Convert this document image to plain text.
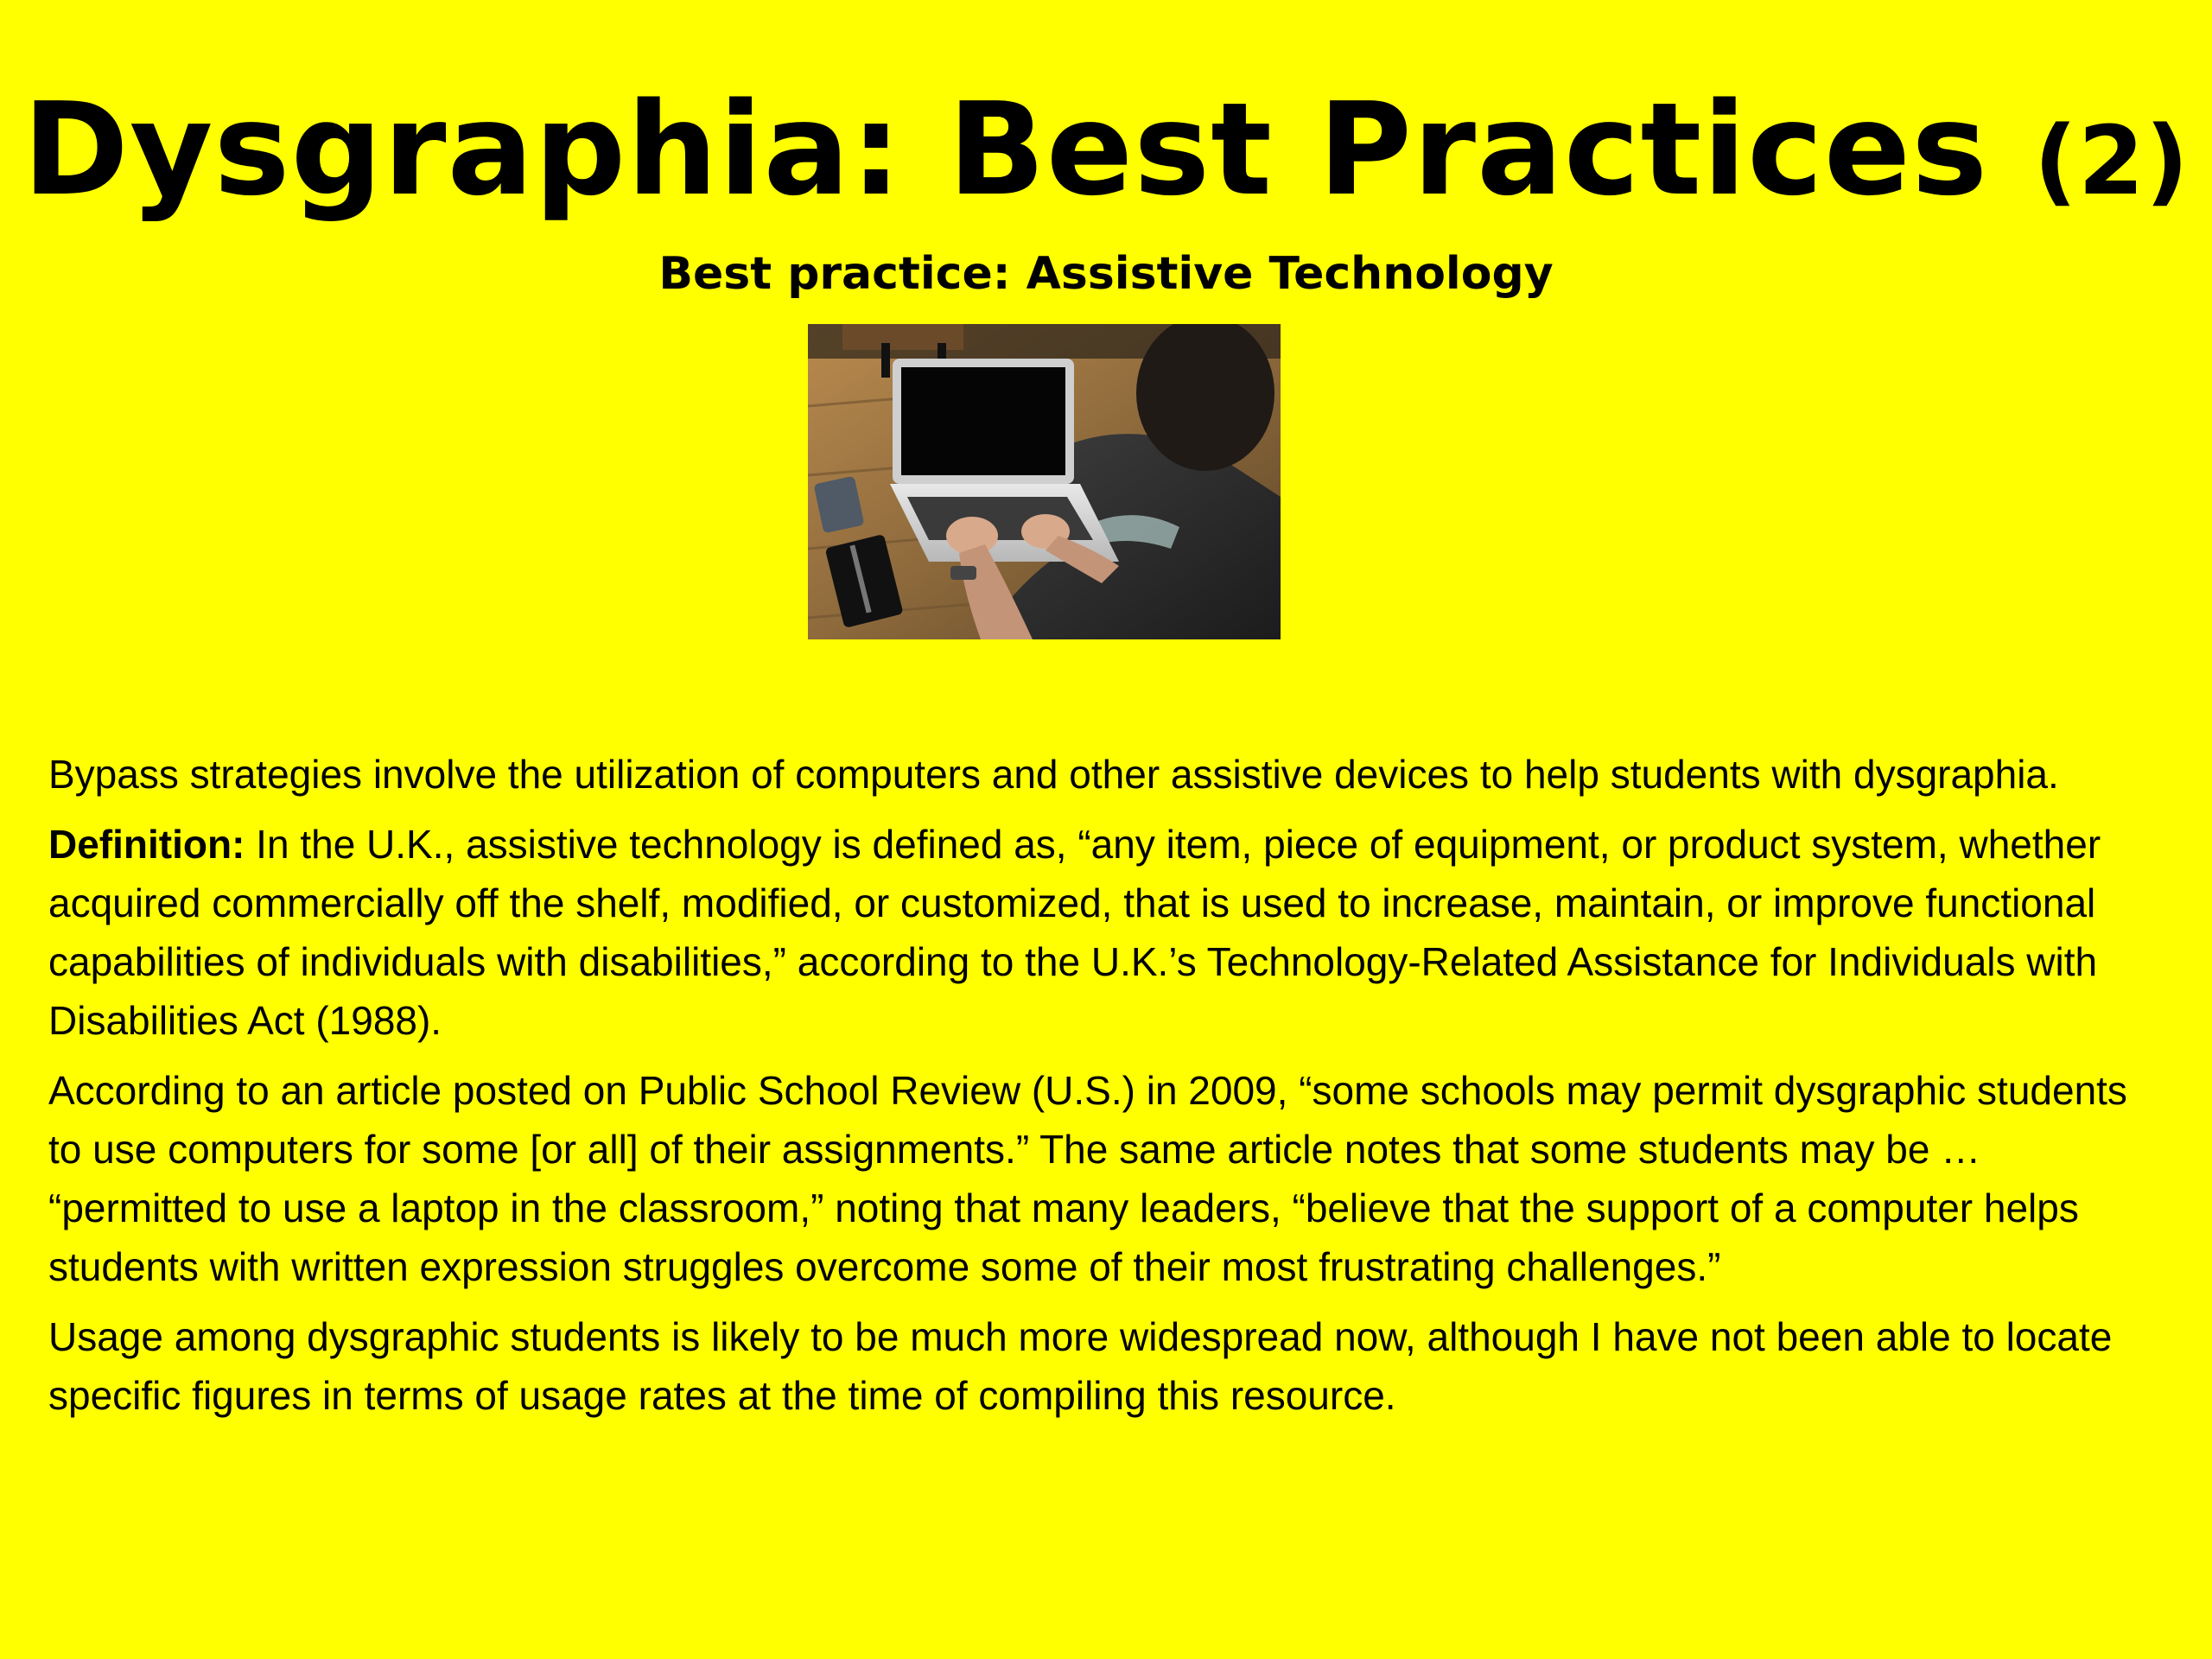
Dysgraphia: Best Practices (2)
Best practice: Assistive Technology

Bypass strategies involve the utilization of computers and other assistive devices to help students with dysgraphia.

Definition: In the U.K., assistive technology is defined as, “any item, piece of equipment, or product system, whether acquired commercially off the shelf, modified, or customized, that is used to increase, maintain, or improve functional capabilities of individuals with disabilities,” according to the U.K.’s Technology-Related Assistance for Individuals with Disabilities Act (1988).

According to an article posted on Public School Review (U.S.) in 2009, “some schools may permit dysgraphic students to use computers for some [or all] of their assignments.” The same article notes that some students may be … “permitted to use a laptop in the classroom,” noting that many leaders, “believe that the support of a computer helps students with written expression struggles overcome some of their most frustrating challenges.”

Usage among dysgraphic students is likely to be much more widespread now, although I have not been able to locate specific figures in terms of usage rates at the time of compiling this resource.
